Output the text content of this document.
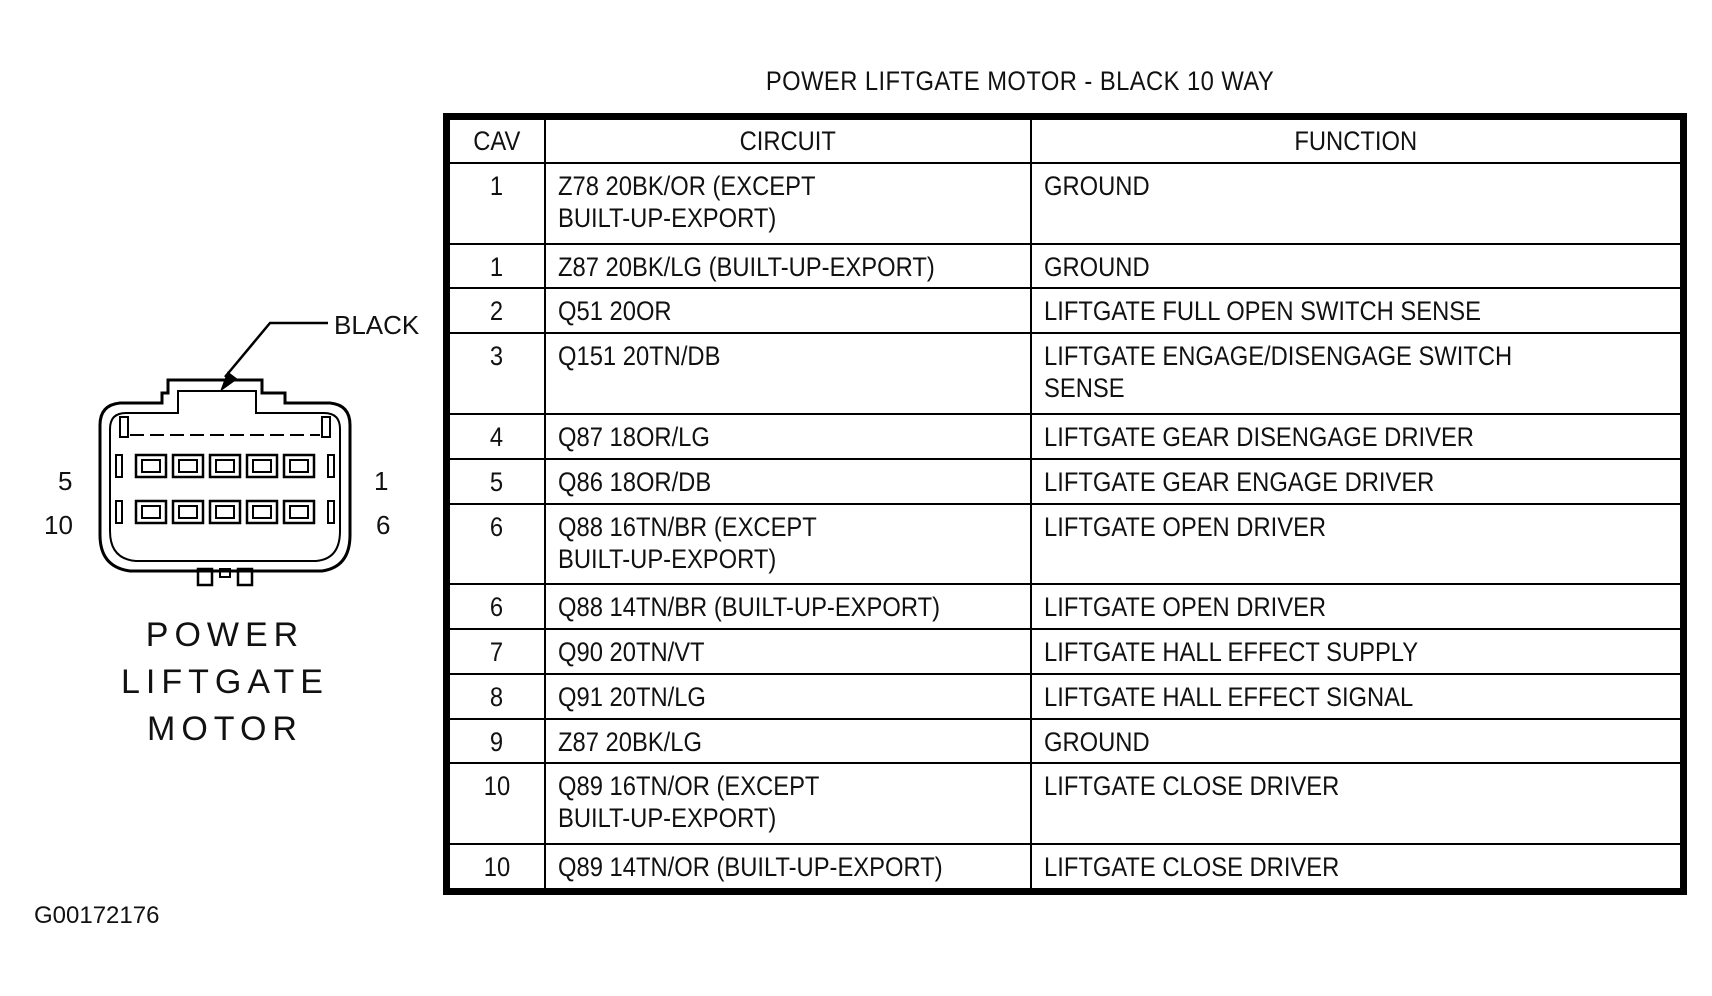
POWER LIFTGATE MOTOR - BLACK 10 WAY
CAV	CIRCUIT	FUNCTION
1	Z78 20BK/OR (EXCEPT
BUILT-UP-EXPORT)	GROUND
1	Z87 20BK/LG (BUILT-UP-EXPORT)	GROUND
2	Q51 20OR	LIFTGATE FULL OPEN SWITCH SENSE
3	Q151 20TN/DB	LIFTGATE ENGAGE/DISENGAGE SWITCH SENSE
4	Q87 18OR/LG	LIFTGATE GEAR DISENGAGE DRIVER
5	Q86 18OR/DB	LIFTGATE GEAR ENGAGE DRIVER
6	Q88 16TN/BR (EXCEPT
BUILT-UP-EXPORT)	LIFTGATE OPEN DRIVER
6	Q88 14TN/BR (BUILT-UP-EXPORT)	LIFTGATE OPEN DRIVER
7	Q90 20TN/VT	LIFTGATE HALL EFFECT SUPPLY
8	Q91 20TN/LG	LIFTGATE HALL EFFECT SIGNAL
9	Z87 20BK/LG	GROUND
10	Q89 16TN/OR (EXCEPT
BUILT-UP-EXPORT)	LIFTGATE CLOSE DRIVER
10	Q89 14TN/OR (BUILT-UP-EXPORT)	LIFTGATE CLOSE DRIVER
BLACK
5	1
10	6
POWER
LIFTGATE
MOTOR
G00172176
